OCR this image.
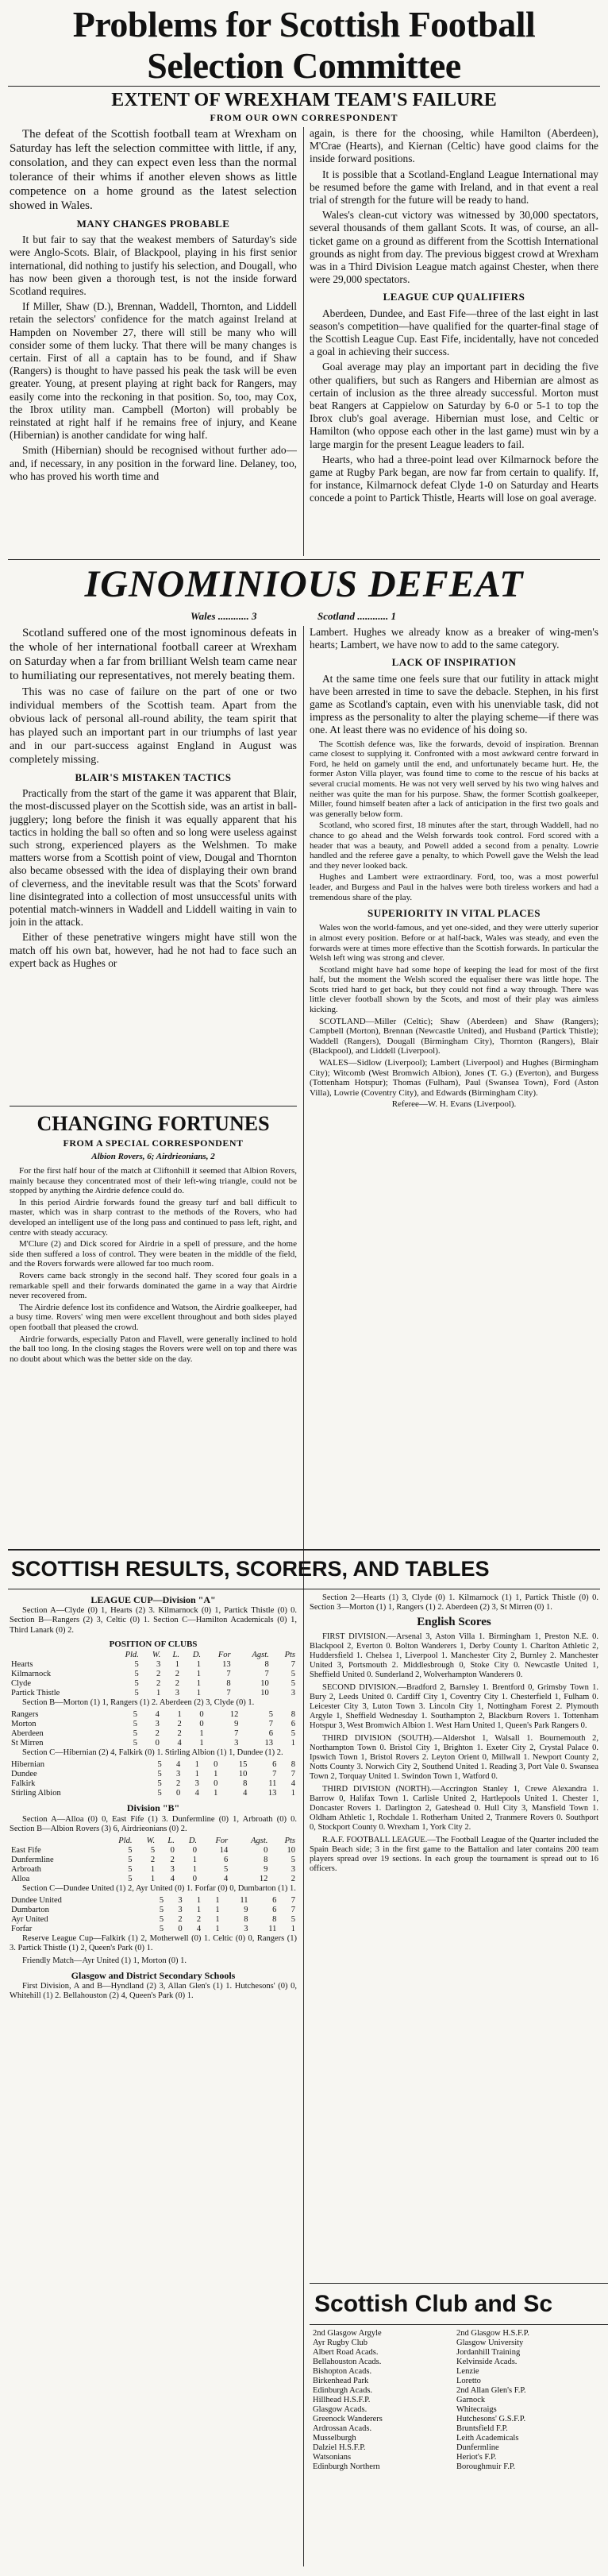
Problems for Scottish Football
Selection Committee
EXTENT OF WREXHAM TEAM'S FAILURE
FROM OUR OWN CORRESPONDENT

The defeat of the Scottish football team at Wrexham on Saturday has left the selection committee with little, if any, consolation, and they can expect even less than the normal tolerance of their whims if another eleven shows as little competence on a home ground as the latest selection showed in Wales.

MANY CHANGES PROBABLE

It but fair to say that the weakest members of Saturday's side were Anglo-Scots. Blair, of Blackpool, playing in his first senior international, did nothing to justify his selection, and Dougall, who has now been given a thorough test, is not the inside forward Scotland requires.

If Miller, Shaw (D.), Brennan, Waddell, Thornton, and Liddell retain the selectors' confidence for the match against Ireland at Hampden on November 27, there will still be many who will consider some of them lucky. That there will be many changes is certain. First of all a captain has to be found, and if Shaw (Rangers) is thought to have passed his peak the task will be even greater. Young, at present playing at right back for Rangers, may easily come into the reckoning in that position. So, too, may Cox, the Ibrox utility man. Campbell (Morton) will probably be reinstated at right half if he remains free of injury, and Keane (Hibernian) is another candidate for wing half.

Smith (Hibernian) should be recognised without further ado—and, if necessary, in any position in the forward line. Delaney, too, who has proved his worth time and

again, is there for the choosing, while Hamilton (Aberdeen), M'Crae (Hearts), and Kiernan (Celtic) have good claims for the inside forward positions.

It is possible that a Scotland-England League International may be resumed before the game with Ireland, and in that event a real trial of strength for the future will be ready to hand.

Wales's clean-cut victory was witnessed by 30,000 spectators, several thousands of them gallant Scots. It was, of course, an all-ticket game on a ground as different from the Scottish International grounds as night from day. The previous biggest crowd at Wrexham was in a Third Division League match against Chester, when there were 29,000 spectators.

LEAGUE CUP QUALIFIERS

Aberdeen, Dundee, and East Fife—three of the last eight in last season's competition—have qualified for the quarter-final stage of the Scottish League Cup. East Fife, incidentally, have not conceded a goal in achieving their success.

Goal average may play an important part in deciding the five other qualifiers, but such as Rangers and Hibernian are almost as certain of inclusion as the three already successful. Morton must beat Rangers at Cappielow on Saturday by 6-0 or 5-1 to top the Ibrox club's goal average. Hibernian must lose, and Celtic or Hamilton (who oppose each other in the last game) must win by a large margin for the present League leaders to fail.

Hearts, who had a three-point lead over Kilmarnock before the game at Rugby Park began, are now far from certain to qualify. If, for instance, Kilmarnock defeat Clyde 1-0 on Saturday and Hearts concede a point to Partick Thistle, Hearts will lose on goal average.

IGNOMINIOUS DEFEAT
Wales ............ 3	Scotland ............ 1

Scotland suffered one of the most ignominous defeats in the whole of her international football career at Wrexham on Saturday when a far from brilliant Welsh team came near to humiliating our representatives, not merely beating them.

This was no case of failure on the part of one or two individual members of the Scottish team. Apart from the obvious lack of personal all-round ability, the team spirit that has played such an important part in our triumphs of last year and in our part-success against England in August was completely missing.

BLAIR'S MISTAKEN TACTICS

Practically from the start of the game it was apparent that Blair, the most-discussed player on the Scottish side, was an artist in ball-jugglery; long before the finish it was equally apparent that his tactics in holding the ball so often and so long were useless against such strong, experienced players as the Welshmen. To make matters worse from a Scottish point of view, Dougal and Thornton also became obsessed with the idea of displaying their own brand of cleverness, and the inevitable result was that the Scots' forward line disintegrated into a collection of most unsuccessful units with potential match-winners in Waddell and Liddell waiting in vain to join in the attack.

Either of these penetrative wingers might have still won the match off his own bat, however, had he not had to face such an expert back as Hughes or

Lambert. Hughes we already know as a breaker of wing-men's hearts; Lambert, we have now to add to the same category.

LACK OF INSPIRATION

At the same time one feels sure that our futility in attack might have been arrested in time to save the debacle. Stephen, in his first game as Scotland's captain, even with his unenviable task, did not impress as the personality to alter the playing scheme—if there was one. At least there was no evidence of his doing so.

The Scottish defence was, like the forwards, devoid of inspiration. Brennan came closest to supplying it. Confronted with a most awkward centre forward in Ford, he held on gamely until the end, and unfortunately became hurt. He, the former Aston Villa player, was found time to come to the rescue of his backs at several crucial moments. He was not very well served by his two wing halves and neither was quite the man for his purpose. Shaw, the former Scottish goalkeeper, Miller, found himself beaten after a lack of anticipation in the first two goals and was generally below form.

Scotland, who scored first, 18 minutes after the start, through Waddell, had no chance to go ahead and the Welsh forwards took control. Ford scored with a header that was a beauty, and Powell added a second from a penalty. Lowrie handled and the referee gave a penalty, to which Powell gave the Welsh the lead and they never looked back.

Hughes and Lambert were extraordinary. Ford, too, was a most powerful leader, and Burgess and Paul in the halves were both tireless workers and had a tremendous share of the play.

SUPERIORITY IN VITAL PLACES

Wales won the world-famous, and yet one-sided, and they were utterly superior in almost every position. Before or at half-back, Wales was steady, and even the forwards were at times more effective than the Scottish forwards. In particular the Welsh left wing was strong and clever.

Scotland might have had some hope of keeping the lead for most of the first half, but the moment the Welsh scored the equaliser there was little hope. The Scots tried hard to get back, but they could not find a way through. There was little clever football shown by the Scots, and most of their play was aimless kicking.

SCOTLAND—Miller (Celtic); Shaw (Aberdeen) and Shaw (Rangers); Campbell (Morton), Brennan (Newcastle United), and Husband (Partick Thistle); Waddell (Rangers), Dougall (Birmingham City), Thornton (Rangers), Blair (Blackpool), and Liddell (Liverpool).

WALES—Sidlow (Liverpool); Lambert (Liverpool) and Hughes (Birmingham City); Witcomb (West Bromwich Albion), Jones (T. G.) (Everton), and Burgess (Tottenham Hotspur); Thomas (Fulham), Paul (Swansea Town), Ford (Aston Villa), Lowrie (Coventry City), and Edwards (Birmingham City).

Referee—W. H. Evans (Liverpool).

CHANGING FORTUNES
FROM A SPECIAL CORRESPONDENT
Albion Rovers, 6; Airdrieonians, 2

For the first half hour of the match at Cliftonhill it seemed that Albion Rovers, mainly because they concentrated most of their left-wing triangle, could not be stopped by anything the Airdrie defence could do.

In this period Airdrie forwards found the greasy turf and ball difficult to master, which was in sharp contrast to the methods of the Rovers, who had developed an intelligent use of the long pass and continued to pass left, right, and centre with steady accuracy.

M'Clure (2) and Dick scored for Airdrie in a spell of pressure, and the home side then suffered a loss of control. They were beaten in the middle of the field, and the Rovers forwards were allowed far too much room.

Rovers came back strongly in the second half. They scored four goals in a remarkable spell and their forwards dominated the game in a way that Airdrie never recovered from.

The Airdrie defence lost its confidence and Watson, the Airdrie goalkeeper, had a busy time. Rovers' wing men were excellent throughout and both sides played open football that pleased the crowd.

Airdrie forwards, especially Paton and Flavell, were generally inclined to hold the ball too long. In the closing stages the Rovers were well on top and there was no doubt about which was the better side on the day.

SCOTTISH RESULTS, SCORERS, AND TABLES
LEAGUE CUP—Division "A"

Section A—Clyde (0) 1, Hearts (2) 3. Kilmarnock (0) 1, Partick Thistle (0) 0. Section B—Rangers (2) 3, Celtic (0) 1. Section C—Hamilton Academicals (0) 1, Third Lanark (0) 2.

POSITION OF CLUBS
	Pld.	W.	L.	D.	For	Agst.	Pts
Hearts	5	3	1	1	13	8	7
Kilmarnock	5	2	2	1	7	7	5
Clyde	5	2	2	1	8	10	5
Partick Thistle	5	1	3	1	7	10	3

Section B—Morton (1) 1, Rangers (1) 2. Aberdeen (2) 3, Clyde (0) 1.

Rangers	5	4	1	0	12	5	8
Morton	5	3	2	0	9	7	6
Aberdeen	5	2	2	1	7	6	5
St Mirren	5	0	4	1	3	13	1

Section C—Hibernian (2) 4, Falkirk (0) 1. Stirling Albion (1) 1, Dundee (1) 2.

Hibernian	5	4	1	0	15	6	8
Dundee	5	3	1	1	10	7	7
Falkirk	5	2	3	0	8	11	4
Stirling Albion	5	0	4	1	4	13	1
Division "B"

Section A—Alloa (0) 0, East Fife (1) 3. Dunfermline (0) 1, Arbroath (0) 0. Section B—Albion Rovers (3) 6, Airdrieonians (0) 2.

	Pld.	W.	L.	D.	For	Agst.	Pts
East Fife	5	5	0	0	14	0	10
Dunfermline	5	2	2	1	6	8	5
Arbroath	5	1	3	1	5	9	3
Alloa	5	1	4	0	4	12	2

Section C—Dundee United (1) 2, Ayr United (0) 1. Forfar (0) 0, Dumbarton (1) 1.

Dundee United	5	3	1	1	11	6	7
Dumbarton	5	3	1	1	9	6	7
Ayr United	5	2	2	1	8	8	5
Forfar	5	0	4	1	3	11	1

Reserve League Cup—Falkirk (1) 2, Motherwell (0) 1. Celtic (0) 0, Rangers (1) 3. Partick Thistle (1) 2, Queen's Park (0) 1.

Friendly Match—Ayr United (1) 1, Morton (0) 1.

Glasgow and District Secondary Schools

First Division, A and B—Hyndland (2) 3, Allan Glen's (1) 1. Hutchesons' (0) 0, Whitehill (1) 2. Bellahouston (2) 4, Queen's Park (0) 1.

Section 2—Hearts (1) 3, Clyde (0) 1. Kilmarnock (1) 1, Partick Thistle (0) 0. Section 3—Morton (1) 1, Rangers (1) 2. Aberdeen (2) 3, St Mirren (0) 1.

English Scores

FIRST DIVISION.—Arsenal 3, Aston Villa 1. Birmingham 1, Preston N.E. 0. Blackpool 2, Everton 0. Bolton Wanderers 1, Derby County 1. Charlton Athletic 2, Huddersfield 1. Chelsea 1, Liverpool 1. Manchester City 2, Burnley 2. Manchester United 3, Portsmouth 2. Middlesbrough 0, Stoke City 0. Newcastle United 1, Sheffield United 0. Sunderland 2, Wolverhampton Wanderers 0.

SECOND DIVISION.—Bradford 2, Barnsley 1. Brentford 0, Grimsby Town 1. Bury 2, Leeds United 0. Cardiff City 1, Coventry City 1. Chesterfield 1, Fulham 0. Leicester City 3, Luton Town 3. Lincoln City 1, Nottingham Forest 2. Plymouth Argyle 1, Sheffield Wednesday 1. Southampton 2, Blackburn Rovers 1. Tottenham Hotspur 3, West Bromwich Albion 1. West Ham United 1, Queen's Park Rangers 0.

THIRD DIVISION (SOUTH).—Aldershot 1, Walsall 1. Bournemouth 2, Northampton Town 0. Bristol City 1, Brighton 1. Exeter City 2, Crystal Palace 0. Ipswich Town 1, Bristol Rovers 2. Leyton Orient 0, Millwall 1. Newport County 2, Notts County 3. Norwich City 2, Southend United 1. Reading 3, Port Vale 0. Swansea Town 2, Torquay United 1. Swindon Town 1, Watford 0.

THIRD DIVISION (NORTH).—Accrington Stanley 1, Crewe Alexandra 1. Barrow 0, Halifax Town 1. Carlisle United 2, Hartlepools United 1. Chester 1, Doncaster Rovers 1. Darlington 2, Gateshead 0. Hull City 3, Mansfield Town 1. Oldham Athletic 1, Rochdale 1. Rotherham United 2, Tranmere Rovers 0. Southport 0, Stockport County 0. Wrexham 1, York City 2.

R.A.F. FOOTBALL LEAGUE.—The Football League of the Quarter included the Spain Beach side; 3 in the first game to the Battalion and later contains 200 team players spread over 19 sections. In each group the tournament is spread out to 16 officers.

Scottish Club and Sc
2nd Glasgow Argyle	2nd Glasgow H.S.F.P.
Ayr Rugby Club	Glasgow University
Albert Road Acads.	Jordanhill Training
Bellahouston Acads.	Kelvinside Acads.
Bishopton Acads.	Lenzie
Birkenhead Park	Loretto
Edinburgh Acads.	2nd Allan Glen's F.P.
Hillhead H.S.F.P.	Garnock
Glasgow Acads.	Whitecraigs
Greenock Wanderers	Hutchesons' G.S.F.P.
Ardrossan Acads.	Bruntsfield F.P.
Musselburgh	Leith Academicals
Dalziel H.S.F.P.	Dunfermline
Watsonians	Heriot's F.P.
Edinburgh Northern	Boroughmuir F.P.
